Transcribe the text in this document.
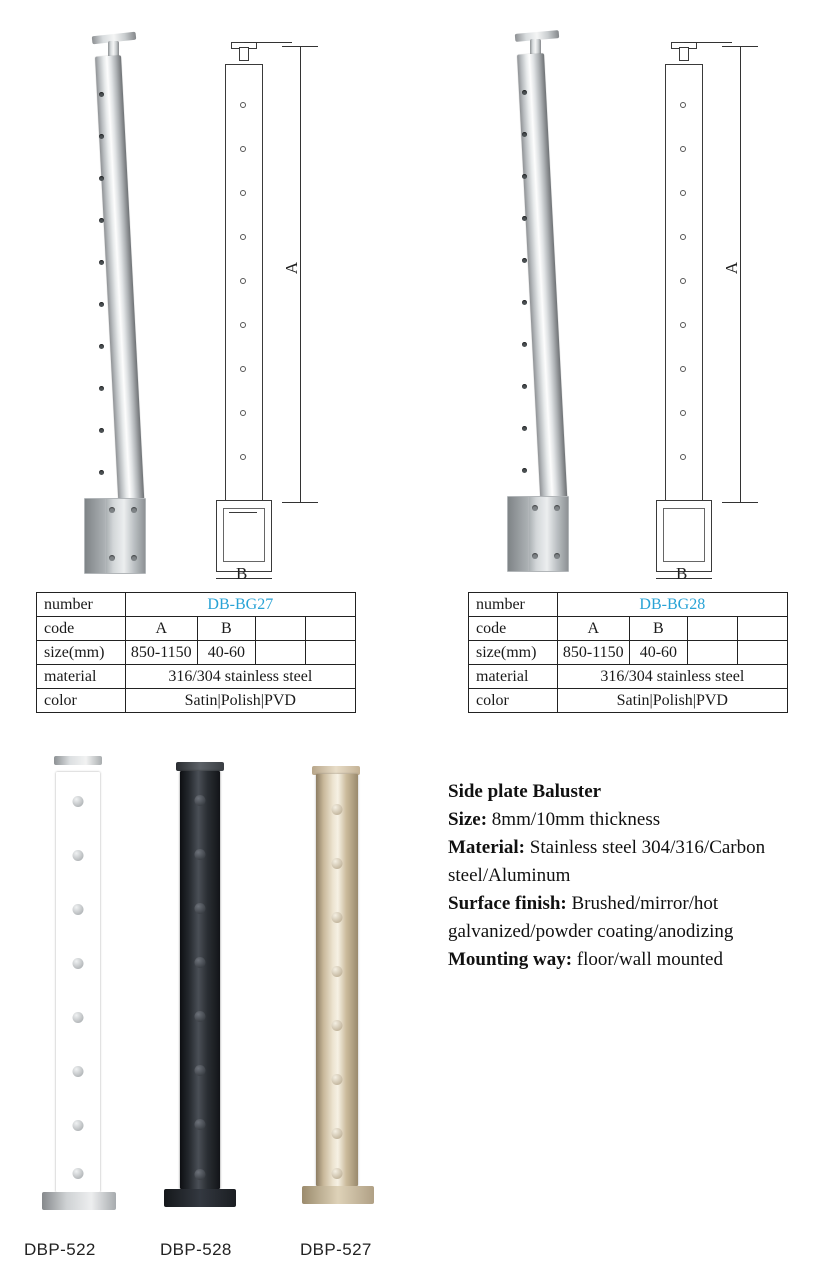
A
B
number	DB-BG27			
code	A	B		
size(mm)	850-1150	40-60		
material	316/304 stainless steel			
color	Satin|Polish|PVD			
A
B
number	DB-BG28			
code	A	B		
size(mm)	850-1150	40-60		
material	316/304 stainless steel			
color	Satin|Polish|PVD			
DBP-522	DBP-528	DBP-527

Side plate Baluster

Size: 8mm/10mm thickness

Material: Stainless steel 304/316/Carbon steel/Aluminum

Surface finish: Brushed/mirror/hot galvanized/powder coating/anodizing

Mounting way: floor/wall mounted
